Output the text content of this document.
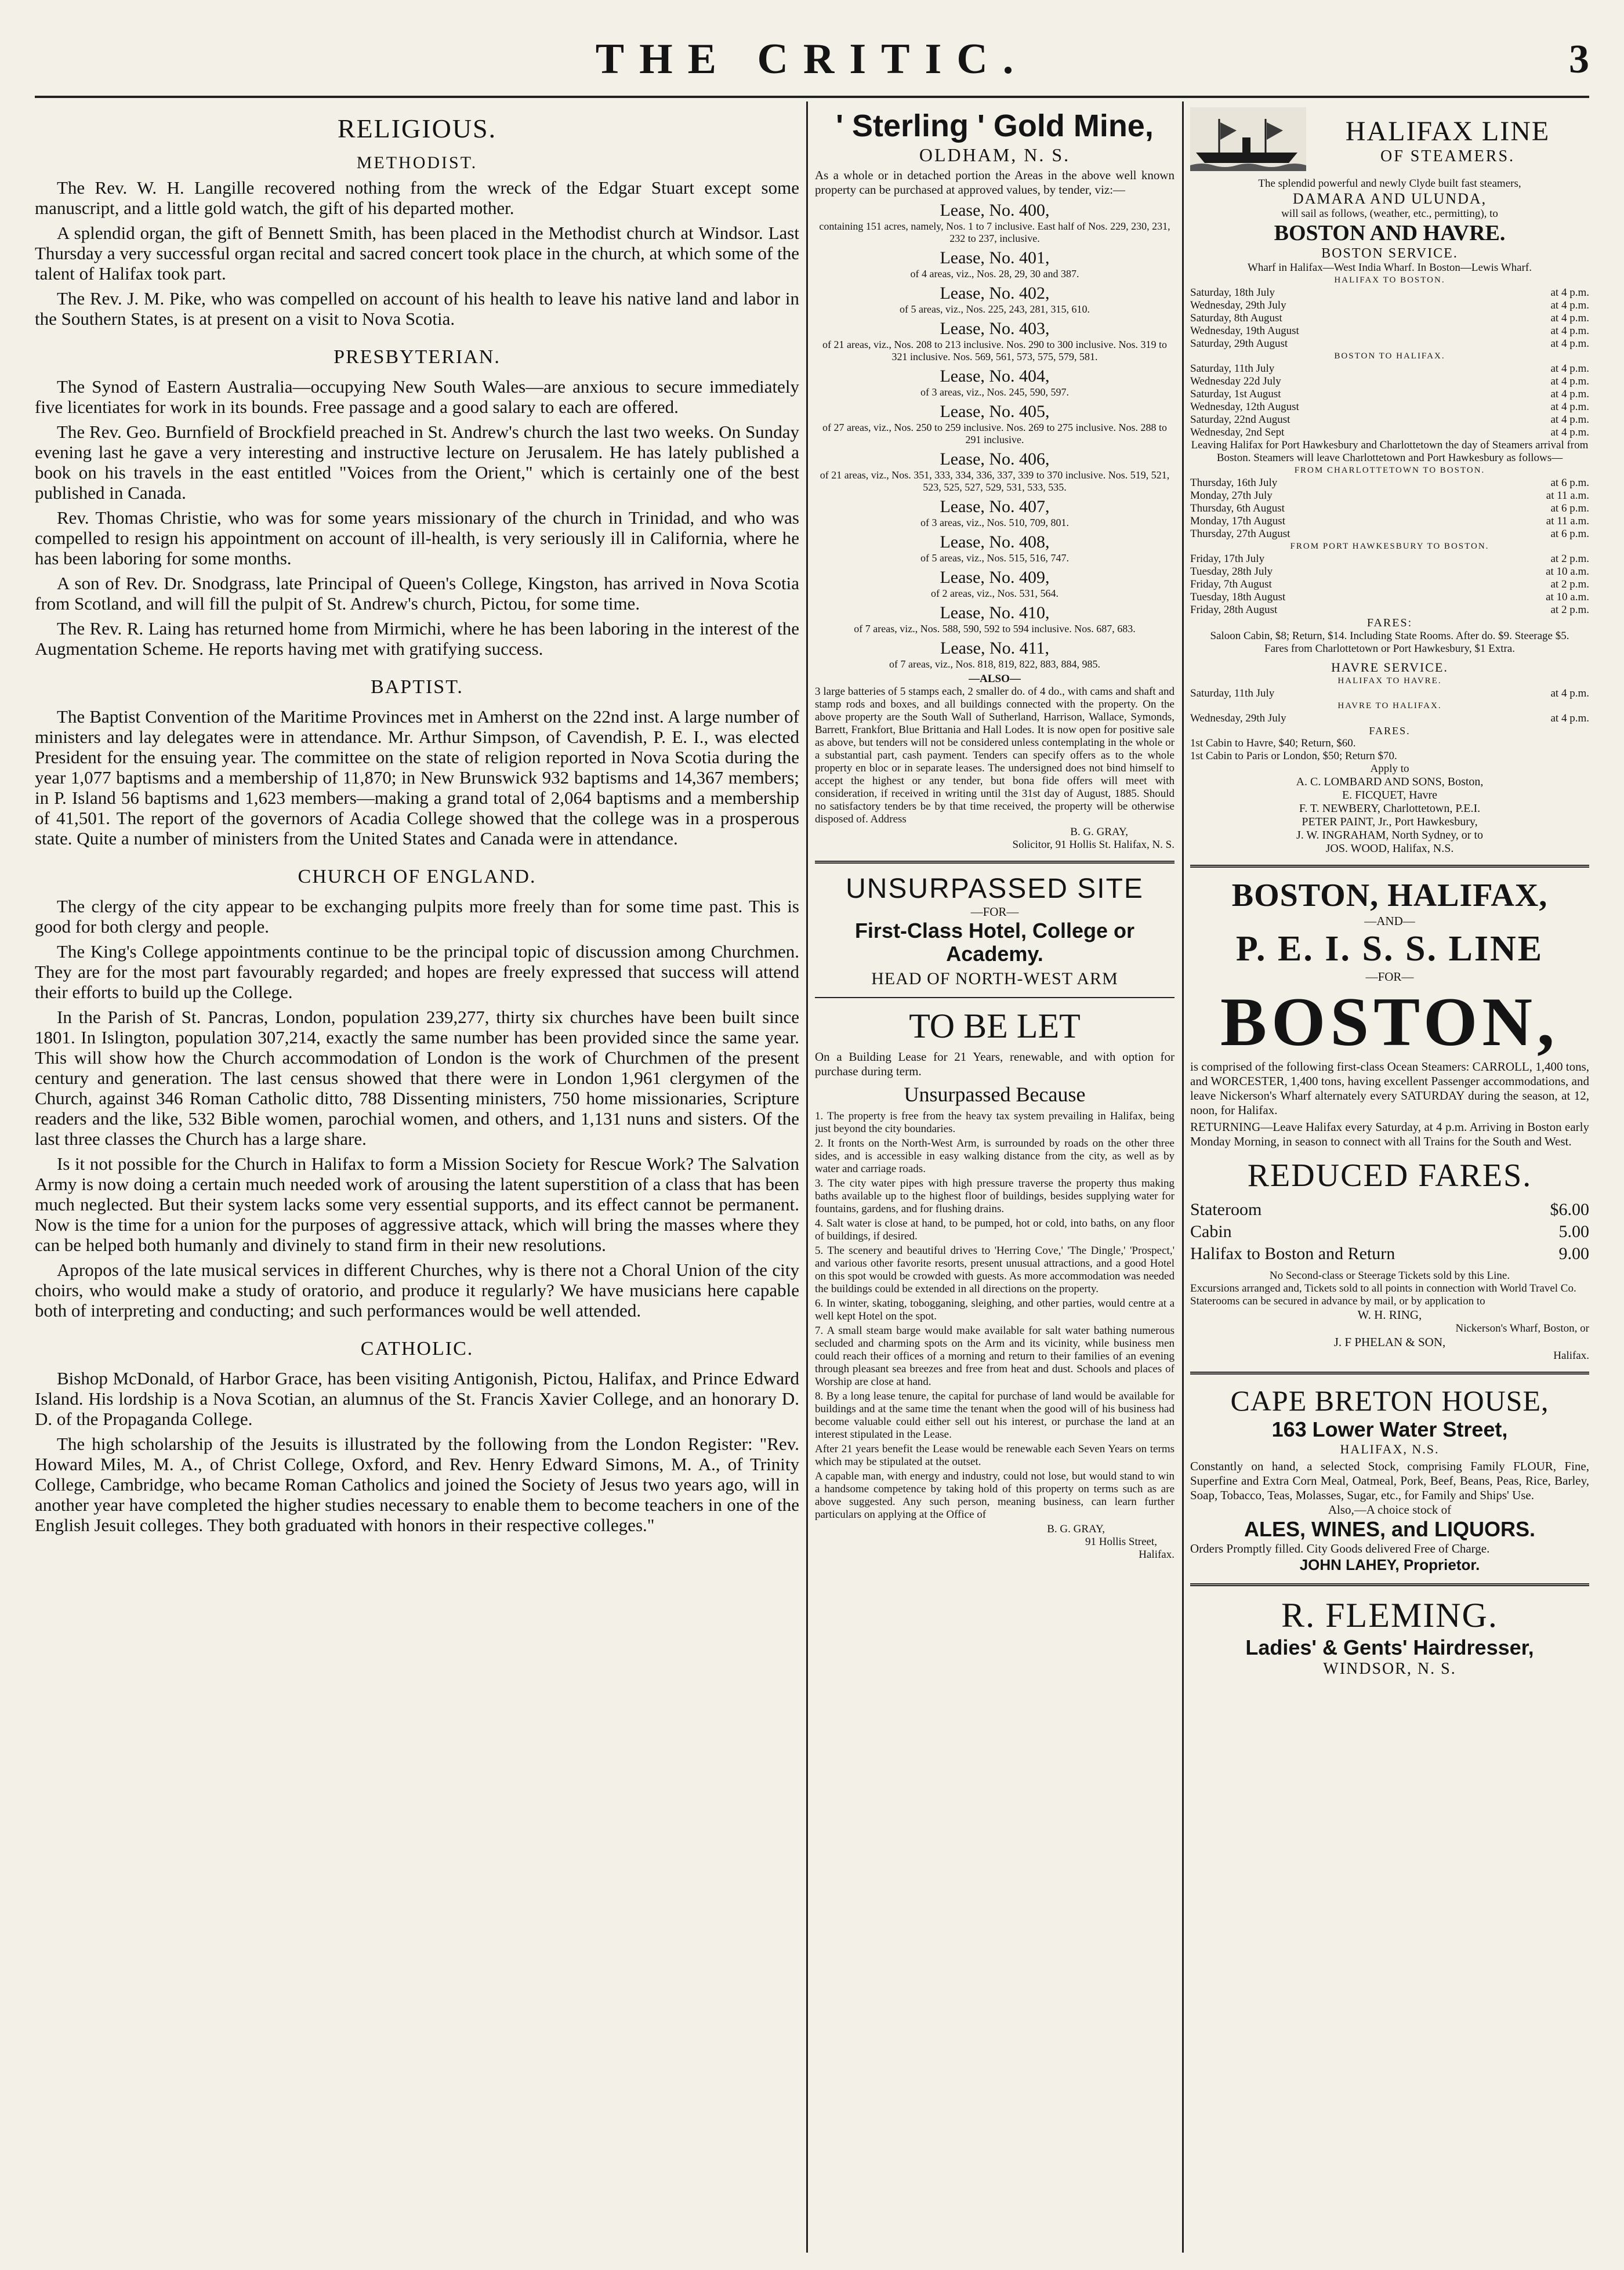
THE CRITIC.	3
RELIGIOUS.
METHODIST.

The Rev. W. H. Langille recovered nothing from the wreck of the Edgar Stuart except some manuscript, and a little gold watch, the gift of his departed mother.

A splendid organ, the gift of Bennett Smith, has been placed in the Methodist church at Windsor. Last Thursday a very successful organ recital and sacred concert took place in the church, at which some of the talent of Halifax took part.

The Rev. J. M. Pike, who was compelled on account of his health to leave his native land and labor in the Southern States, is at present on a visit to Nova Scotia.

PRESBYTERIAN.

The Synod of Eastern Australia—occupying New South Wales—are anxious to secure immediately five licentiates for work in its bounds. Free passage and a good salary to each are offered.

The Rev. Geo. Burnfield of Brockfield preached in St. Andrew's church the last two weeks. On Sunday evening last he gave a very interesting and instructive lecture on Jerusalem. He has lately published a book on his travels in the east entitled "Voices from the Orient," which is certainly one of the best published in Canada.

Rev. Thomas Christie, who was for some years missionary of the church in Trinidad, and who was compelled to resign his appointment on account of ill-health, is very seriously ill in California, where he has been laboring for some months.

A son of Rev. Dr. Snodgrass, late Principal of Queen's College, Kingston, has arrived in Nova Scotia from Scotland, and will fill the pulpit of St. Andrew's church, Pictou, for some time.

The Rev. R. Laing has returned home from Mirmichi, where he has been laboring in the interest of the Augmentation Scheme. He reports having met with gratifying success.

BAPTIST.

The Baptist Convention of the Maritime Provinces met in Amherst on the 22nd inst. A large number of ministers and lay delegates were in attendance. Mr. Arthur Simpson, of Cavendish, P. E. I., was elected President for the ensuing year. The committee on the state of religion reported in Nova Scotia during the year 1,077 baptisms and a membership of 11,870; in New Brunswick 932 baptisms and 14,367 members; in P. Island 56 baptisms and 1,623 members—making a grand total of 2,064 baptisms and a membership of 41,501. The report of the governors of Acadia College showed that the college was in a prosperous state. Quite a number of ministers from the United States and Canada were in attendance.

CHURCH OF ENGLAND.

The clergy of the city appear to be exchanging pulpits more freely than for some time past. This is good for both clergy and people.

The King's College appointments continue to be the principal topic of discussion among Churchmen. They are for the most part favourably regarded; and hopes are freely expressed that success will attend their efforts to build up the College.

In the Parish of St. Pancras, London, population 239,277, thirty six churches have been built since 1801. In Islington, population 307,214, exactly the same number has been provided since the same year. This will show how the Church accommodation of London is the work of Churchmen of the present century and generation. The last census showed that there were in London 1,961 clergymen of the Church, against 346 Roman Catholic ditto, 788 Dissenting ministers, 750 home missionaries, Scripture readers and the like, 532 Bible women, parochial women, and others, and 1,131 nuns and sisters. Of the last three classes the Church has a large share.

Is it not possible for the Church in Halifax to form a Mission Society for Rescue Work? The Salvation Army is now doing a certain much needed work of arousing the latent superstition of a class that has been much neglected. But their system lacks some very essential supports, and its effect cannot be permanent. Now is the time for a union for the purposes of aggressive attack, which will bring the masses where they can be helped both humanly and divinely to stand firm in their new resolutions.

Apropos of the late musical services in different Churches, why is there not a Choral Union of the city choirs, who would make a study of oratorio, and produce it regularly? We have musicians here capable both of interpreting and conducting; and such performances would be well attended.

CATHOLIC.

Bishop McDonald, of Harbor Grace, has been visiting Antigonish, Pictou, Halifax, and Prince Edward Island. His lordship is a Nova Scotian, an alumnus of the St. Francis Xavier College, and an honorary D. D. of the Propaganda College.

The high scholarship of the Jesuits is illustrated by the following from the London Register: "Rev. Howard Miles, M. A., of Christ College, Oxford, and Rev. Henry Edward Simons, M. A., of Trinity College, Cambridge, who became Roman Catholics and joined the Society of Jesus two years ago, will in another year have completed the higher studies necessary to enable them to become teachers in one of the English Jesuit colleges. They both graduated with honors in their respective colleges."

' Sterling ' Gold Mine,
OLDHAM, N. S.
As a whole or in detached portion the Areas in the above well known property can be purchased at approved values, by tender, viz:—
Lease, No. 400,
containing 151 acres, namely, Nos. 1 to 7 inclusive. East half of Nos. 229, 230, 231, 232 to 237, inclusive.
Lease, No. 401,
of 4 areas, viz., Nos. 28, 29, 30 and 387.
Lease, No. 402,
of 5 areas, viz., Nos. 225, 243, 281, 315, 610.
Lease, No. 403,
of 21 areas, viz., Nos. 208 to 213 inclusive. Nos. 290 to 300 inclusive. Nos. 319 to 321 inclusive. Nos. 569, 561, 573, 575, 579, 581.
Lease, No. 404,
of 3 areas, viz., Nos. 245, 590, 597.
Lease, No. 405,
of 27 areas, viz., Nos. 250 to 259 inclusive. Nos. 269 to 275 inclusive. Nos. 288 to 291 inclusive.
Lease, No. 406,
of 21 areas, viz., Nos. 351, 333, 334, 336, 337, 339 to 370 inclusive. Nos. 519, 521, 523, 525, 527, 529, 531, 533, 535.
Lease, No. 407,
of 3 areas, viz., Nos. 510, 709, 801.
Lease, No. 408,
of 5 areas, viz., Nos. 515, 516, 747.
Lease, No. 409,
of 2 areas, viz., Nos. 531, 564.
Lease, No. 410,
of 7 areas, viz., Nos. 588, 590, 592 to 594 inclusive. Nos. 687, 683.
Lease, No. 411,
of 7 areas, viz., Nos. 818, 819, 822, 883, 884, 985.
—ALSO—
3 large batteries of 5 stamps each, 2 smaller do. of 4 do., with cams and shaft and stamp rods and boxes, and all buildings connected with the property. On the above property are the South Wall of Sutherland, Harrison, Wallace, Symonds, Barrett, Frankfort, Blue Brittania and Hall Lodes. It is now open for positive sale as above, but tenders will not be considered unless contemplating in the whole or a substantial part, cash payment. Tenders can specify offers as to the whole property en bloc or in separate leases. The undersigned does not bind himself to accept the highest or any tender, but bona fide offers will meet with consideration, if received in writing until the 31st day of August, 1885. Should no satisfactory tenders be by that time received, the property will be otherwise disposed of. Address
B. G. GRAY,
Solicitor, 91 Hollis St. Halifax, N. S.
UNSURPASSED SITE
—FOR—
First-Class Hotel, College or Academy.
HEAD OF NORTH-WEST ARM
TO BE LET
On a Building Lease for 21 Years, renewable, and with option for purchase during term.
Unsurpassed Because
1. The property is free from the heavy tax system prevailing in Halifax, being just beyond the city boundaries.
2. It fronts on the North-West Arm, is surrounded by roads on the other three sides, and is accessible in easy walking distance from the city, as well as by water and carriage roads.
3. The city water pipes with high pressure traverse the property thus making baths available up to the highest floor of buildings, besides supplying water for fountains, gardens, and for flushing drains.
4. Salt water is close at hand, to be pumped, hot or cold, into baths, on any floor of buildings, if desired.
5. The scenery and beautiful drives to 'Herring Cove,' 'The Dingle,' 'Prospect,' and various other favorite resorts, present unusual attractions, and a good Hotel on this spot would be crowded with guests. As more accommodation was needed the buildings could be extended in all directions on the property.
6. In winter, skating, tobogganing, sleighing, and other parties, would centre at a well kept Hotel on the spot.
7. A small steam barge would make available for salt water bathing numerous secluded and charming spots on the Arm and its vicinity, while business men could reach their offices of a morning and return to their families of an evening through pleasant sea breezes and free from heat and dust. Schools and places of Worship are close at hand.
8. By a long lease tenure, the capital for purchase of land would be available for buildings and at the same time the tenant when the good will of his business had become valuable could either sell out his interest, or purchase the land at an interest stipulated in the Lease.
After 21 years benefit the Lease would be renewable each Seven Years on terms which may be stipulated at the outset.
A capable man, with energy and industry, could not lose, but would stand to win a handsome competence by taking hold of this property on terms such as are above suggested. Any such person, meaning business, can learn further particulars on applying at the Office of
B. G. GRAY,
91 Hollis Street,
Halifax.
HALIFAX LINE
OF STEAMERS.
The splendid powerful and newly Clyde built fast steamers,
DAMARA AND ULUNDA,
will sail as follows, (weather, etc., permitting), to
BOSTON AND HAVRE.
BOSTON SERVICE.
Wharf in Halifax—West India Wharf. In Boston—Lewis Wharf.
HALIFAX TO BOSTON.
Saturday, 18th July	at 4 p.m.
Wednesday, 29th July	at 4 p.m.
Saturday, 8th August	at 4 p.m.
Wednesday, 19th August	at 4 p.m.
Saturday, 29th August	at 4 p.m.
BOSTON TO HALIFAX.
Saturday, 11th July	at 4 p.m.
Wednesday 22d July	at 4 p.m.
Saturday, 1st August	at 4 p.m.
Wednesday, 12th August	at 4 p.m.
Saturday, 22nd August	at 4 p.m.
Wednesday, 2nd Sept	at 4 p.m.
Leaving Halifax for Port Hawkesbury and Charlottetown the day of Steamers arrival from Boston. Steamers will leave Charlottetown and Port Hawkesbury as follows—
FROM CHARLOTTETOWN TO BOSTON.
Thursday, 16th July	at 6 p.m.
Monday, 27th July	at 11 a.m.
Thursday, 6th August	at 6 p.m.
Monday, 17th August	at 11 a.m.
Thursday, 27th August	at 6 p.m.
FROM PORT HAWKESBURY TO BOSTON.
Friday, 17th July	at 2 p.m.
Tuesday, 28th July	at 10 a.m.
Friday, 7th August	at 2 p.m.
Tuesday, 18th August	at 10 a.m.
Friday, 28th August	at 2 p.m.
FARES:
Saloon Cabin, $8; Return, $14. Including State Rooms. After do. $9. Steerage $5.
Fares from Charlottetown or Port Hawkesbury, $1 Extra.
HAVRE SERVICE.
HALIFAX TO HAVRE.
Saturday, 11th July	at 4 p.m.
HAVRE TO HALIFAX.
Wednesday, 29th July	at 4 p.m.
FARES.
1st Cabin to Havre, $40; Return, $60.
1st Cabin to Paris or London, $50; Return $70.
Apply to
A. C. LOMBARD AND SONS, Boston,
E. FICQUET, Havre
F. T. NEWBERY, Charlottetown, P.E.I.
PETER PAINT, Jr., Port Hawkesbury,
J. W. INGRAHAM, North Sydney, or to
JOS. WOOD, Halifax, N.S.
BOSTON, HALIFAX,
—AND—
P. E. I. S. S. LINE
—FOR—
BOSTON,
is comprised of the following first-class Ocean Steamers: CARROLL, 1,400 tons, and WORCESTER, 1,400 tons, having excellent Passenger accommodations, and leave Nickerson's Wharf alternately every SATURDAY during the season, at 12, noon, for Halifax.
RETURNING—Leave Halifax every Saturday, at 4 p.m. Arriving in Boston early Monday Morning, in season to connect with all Trains for the South and West.
REDUCED FARES.
Stateroom	$6.00
Cabin	5.00
Halifax to Boston and Return	9.00
No Second-class or Steerage Tickets sold by this Line.
Excursions arranged and, Tickets sold to all points in connection with World Travel Co.
Staterooms can be secured in advance by mail, or by application to
W. H. RING,
Nickerson's Wharf, Boston, or
J. F PHELAN & SON,
Halifax.
CAPE BRETON HOUSE,
163 Lower Water Street,
HALIFAX, N.S.
Constantly on hand, a selected Stock, comprising Family FLOUR, Fine, Superfine and Extra Corn Meal, Oatmeal, Pork, Beef, Beans, Peas, Rice, Barley, Soap, Tobacco, Teas, Molasses, Sugar, etc., for Family and Ships' Use.
Also,—A choice stock of
ALES, WINES, and LIQUORS.
Orders Promptly filled. City Goods delivered Free of Charge.
JOHN LAHEY, Proprietor.
R. FLEMING.
Ladies' & Gents' Hairdresser,
WINDSOR, N. S.
